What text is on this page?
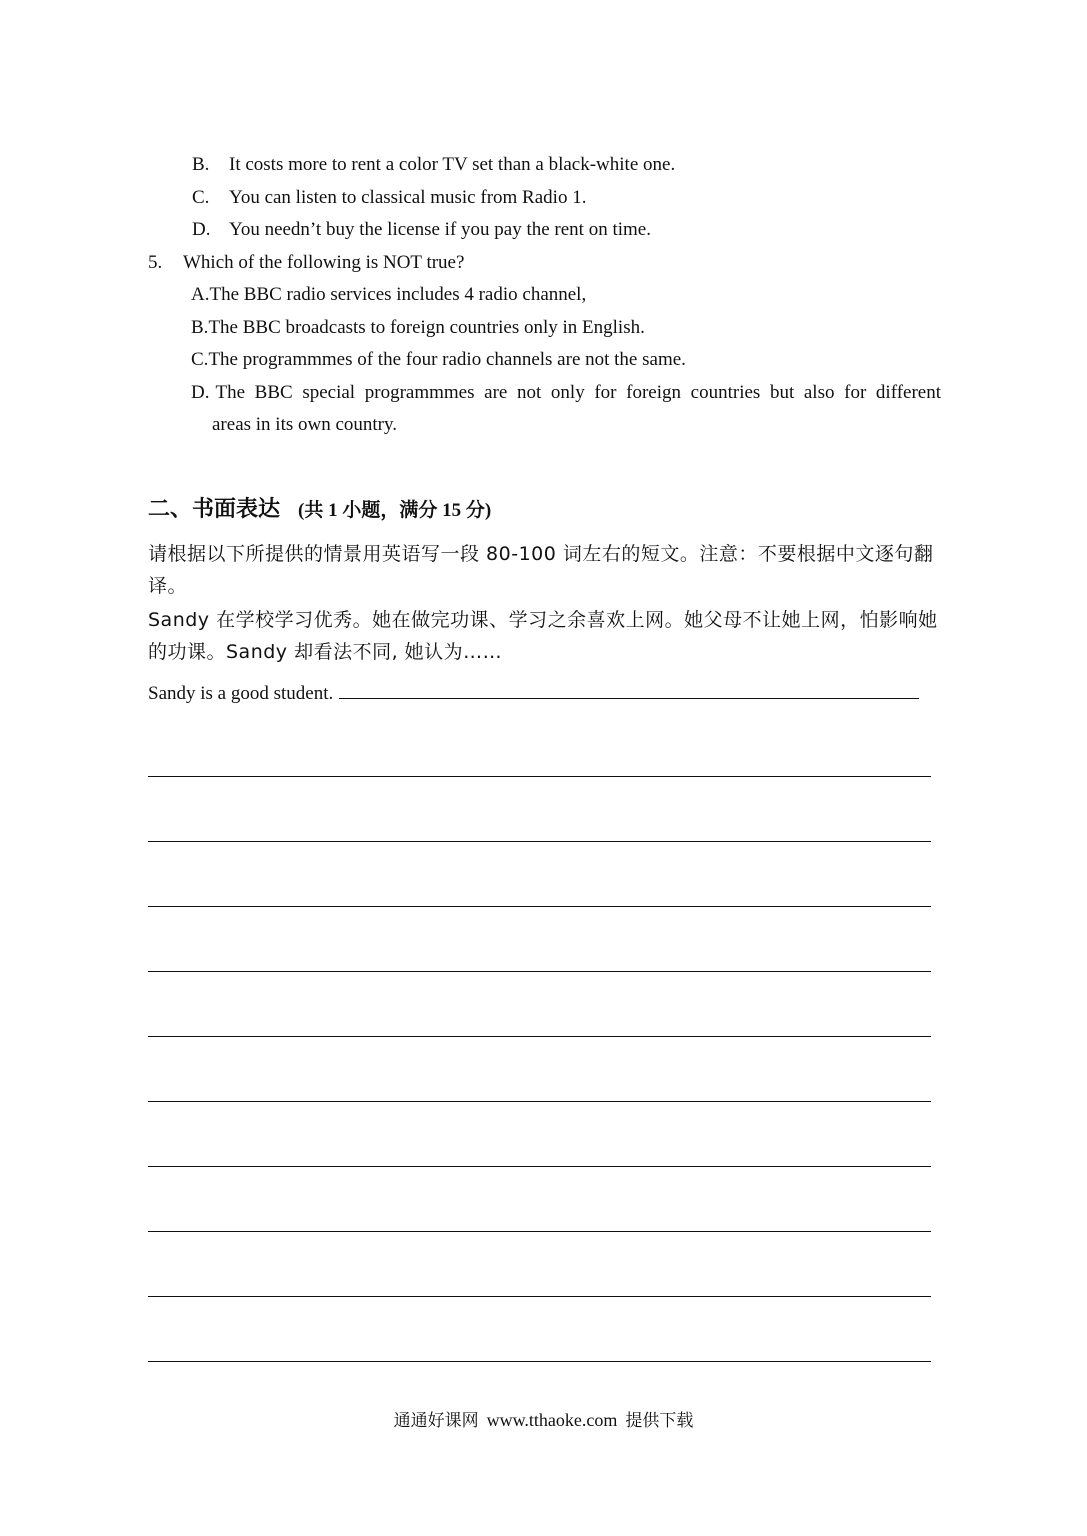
B. It costs more to rent a color TV set than a black-white one.
C. You can listen to classical music from Radio 1.
D. You needn’t buy the license if you pay the rent on time.
5. Which of the following is NOT true?
A.The BBC radio services includes 4 radio channel,
B.The BBC broadcasts to foreign countries only in English.
C.The programmmes of the four radio channels are not the same.
D. The BBC special programmmes are not only for foreign countries but also for different
areas in its own country.
二、书面表达 (共 1 小题，满分 15 分)
请根据以下所提供的情景用英语写一段 80-100 词左右的短文。注意：不要根据中文逐句翻译。
Sandy 在学校学习优秀。她在做完功课、学习之余喜欢上网。她父母不让她上网，怕影响她的功课。Sandy 却看法不同, 她认为……
Sandy is a good student.
通通好课网 www.tthaoke.com 提供下载
